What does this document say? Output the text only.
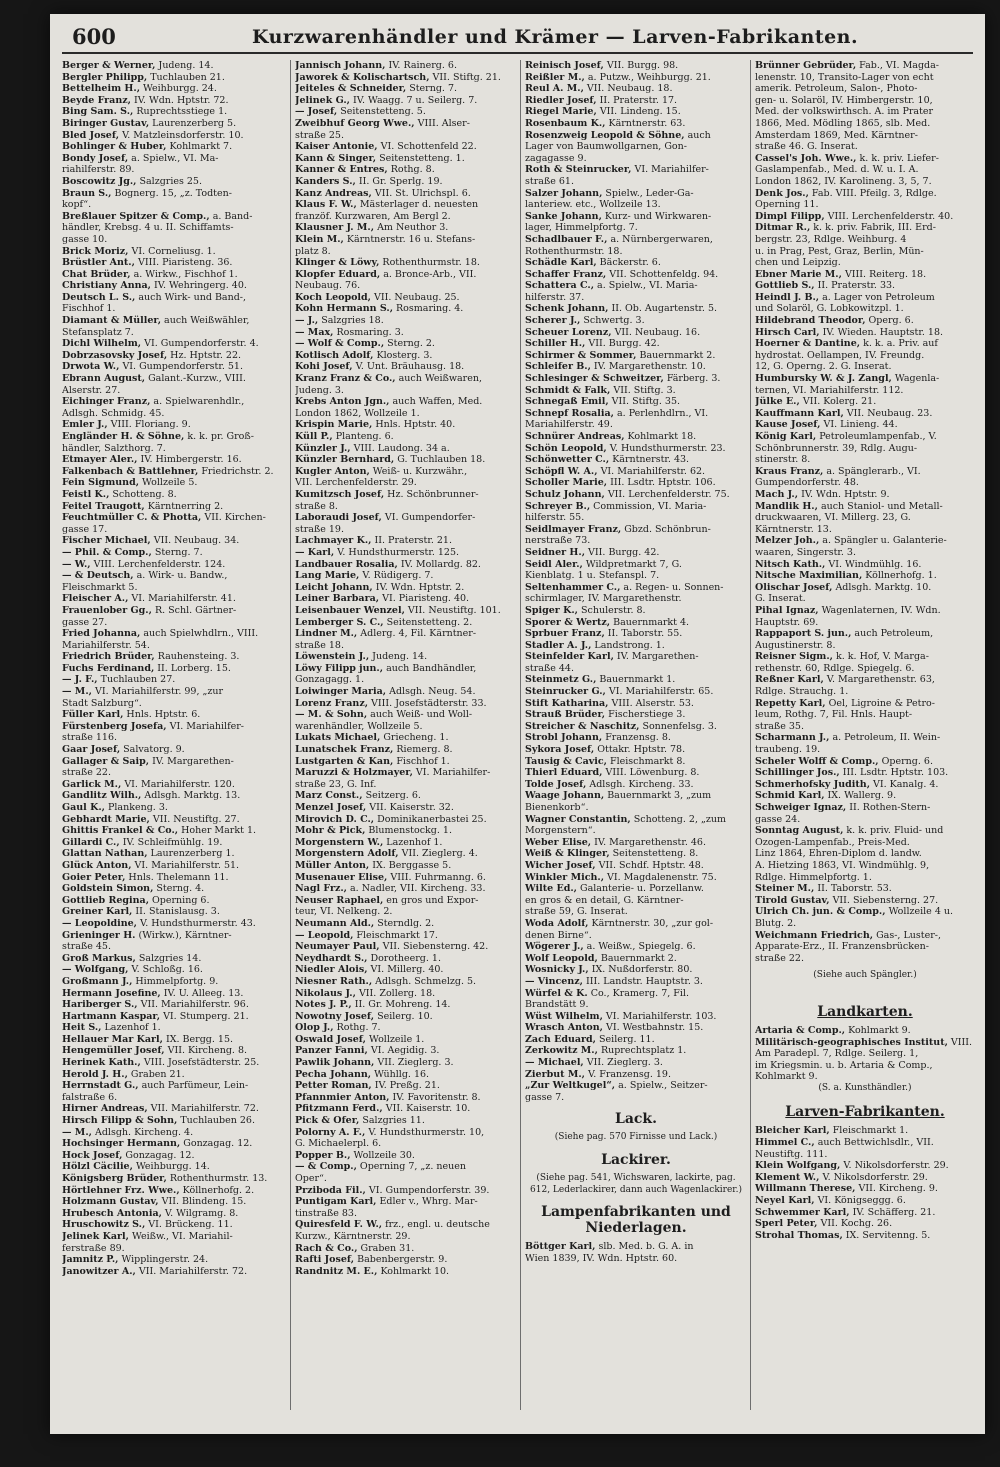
600	Kurzwarenhändler und Krämer — Larven-Fabrikanten.
Berger & Werner, Judeng. 14.
Bergler Philipp, Tuchlauben 21.
Bettelheim H., Weihburgg. 24.
Beyde Franz, IV. Wdn. Hptstr. 72.
Bing Sam. S., Ruprechtsstiege 1.
Biringer Gustav, Laurenzerberg 5.
Bled Josef, V. Matzleinsdorferstr. 10.
Bohlinger & Huber, Kohlmarkt 7.
Bondy Josef, a. Spielw., VI. Ma-
riahilferstr. 89.
Boscowitz Jg., Salzgries 25.
Braun S., Bognerg. 15, „z. Todten-
kopf“.
Breßlauer Spitzer & Comp., a. Band-
händler, Krebsg. 4 u. II. Schiffamts-
gasse 10.
Brick Moriz, VI. Corneliusg. 1.
Brüstler Ant., VIII. Piaristeng. 36.
Chat Brüder, a. Wirkw., Fischhof 1.
Christiany Anna, IV. Wehringerg. 40.
Deutsch L. S., auch Wirk- und Band-,
Fischhof 1.
Diamant & Müller, auch Weißwähler,
Stefansplatz 7.
Dichl Wilhelm, VI. Gumpendorferstr. 4.
Dobrzasovsky Josef, Hz. Hptstr. 22.
Drwota W., VI. Gumpendorferstr. 51.
Ebrann August, Galant.-Kurzw., VIII.
Alserstr. 27.
Eichinger Franz, a. Spielwarenhdlr.,
Adlsgh. Schmidg. 45.
Emler J., VIII. Floriang. 9.
Engländer H. & Söhne, k. k. pr. Groß-
händler, Salzthorg. 7.
Etmayer Aler., IV. Himbergerstr. 16.
Falkenbach & Battlehner, Friedrichstr. 2.
Fein Sigmund, Wollzeile 5.
Feistl K., Schotteng. 8.
Feitel Traugott, Kärntnerring 2.
Feuchtmüller C. & Photta, VII. Kirchen-
gasse 17.
Fischer Michael, VII. Neubaug. 34.
— Phil. & Comp., Sterng. 7.
— W., VIII. Lerchenfelderstr. 124.
— & Deutsch, a. Wirk- u. Bandw.,
Fleischmarkt 5.
Fleischer A., VI. Mariahilferstr. 41.
Frauenlober Gg., R. Schl. Gärtner-
gasse 27.
Fried Johanna, auch Spielwhdlrn., VIII.
Mariahilferstr. 54.
Friedrich Brüder, Rauhensteing. 3.
Fuchs Ferdinand, II. Lorberg. 15.
— J. F., Tuchlauben 27.
— M., VI. Mariahilferstr. 99, „zur
Stadt Salzburg“.
Füller Karl, Hnls. Hptstr. 6.
Fürstenberg Josefa, VI. Mariahilfer-
straße 116.
Gaar Josef, Salvatorg. 9.
Gallager & Saip, IV. Margarethen-
straße 22.
Garlick M., VI. Mariahilferstr. 120.
Gandlitz Wilh., Adlsgh. Marktg. 13.
Gaul K., Plankeng. 3.
Gebhardt Marie, VII. Neustiftg. 27.
Ghittis Frankel & Co., Hoher Markt 1.
Gillardi C., IV. Schleifmühlg. 19.
Glattan Nathan, Laurenzerberg 1.
Glück Anton, VI. Mariahilferstr. 51.
Goier Peter, Hnls. Thelemann 11.
Goldstein Simon, Sterng. 4.
Gottlieb Regina, Operning 6.
Greiner Karl, II. Stanislausg. 3.
— Leopoldine, V. Hundsthurmerstr. 43.
Grieninger H. (Wirkw.), Kärntner-
straße 45.
Groß Markus, Salzgries 14.
— Wolfgang, V. Schloßg. 16.
Großmann J., Himmelpfortg. 9.
Hermann Josefine, IV. U. Alleeg. 13.
Hariberger S., VII. Mariahilferstr. 96.
Hartmann Kaspar, VI. Stumperg. 21.
Heit S., Lazenhof 1.
Hellauer Mar Karl, IX. Bergg. 15.
Hengemüller Josef, VII. Kircheng. 8.
Herinek Kath., VIII. Josefstädterstr. 25.
Herold J. H., Graben 21.
Herrnstadt G., auch Parfümeur, Lein-
falstraße 6.
Hirner Andreas, VII. Mariahilferstr. 72.
Hirsch Filipp & Sohn, Tuchlauben 26.
— M., Adlsgh. Kircheng. 4.
Hochsinger Hermann, Gonzagag. 12.
Hock Josef, Gonzagag. 12.
Hölzl Cäcilie, Weihburgg. 14.
Königsberg Brüder, Rothenthurmstr. 13.
Hörtlehner Frz. Wwe., Köllnerhofg. 2.
Holzmann Gustav, VII. Blindeng. 15.
Hrubesch Antonia, V. Wilgramg. 8.
Hruschowitz S., VI. Brückeng. 11.
Jelinek Karl, Weißw., VI. Mariahil-
ferstraße 89.
Jamnitz P., Wipplingerstr. 24.
Janowitzer A., VII. Mariahilferstr. 72.
Jannisch Johann, IV. Rainerg. 6.
Jaworek & Kolischartsch, VII. Stiftg. 21.
Jeiteles & Schneider, Sterng. 7.
Jelinek G., IV. Waagg. 7 u. Seilerg. 7.
— Josef, Seitenstetteng. 5.
Zweibhuf Georg Wwe., VIII. Alser-
straße 25.
Kaiser Antonie, VI. Schottenfeld 22.
Kann & Singer, Seitenstetteng. 1.
Kanner & Entres, Rothg. 8.
Kanders S., II. Gr. Sperlg. 19.
Kanz Andreas, VII. St. Ulrichspl. 6.
Klaus F. W., Mästerlager d. neuesten
franzöf. Kurzwaren, Am Bergl 2.
Klausner J. M., Am Neuthor 3.
Klein M., Kärntnerstr. 16 u. Stefans-
platz 8.
Klinger & Löwy, Rothenthurmstr. 18.
Klopfer Eduard, a. Bronce-Arb., VII.
Neubaug. 76.
Koch Leopold, VII. Neubaug. 25.
Kohn Hermann S., Rosmaring. 4.
— J., Salzgries 18.
— Max, Rosmaring. 3.
— Wolf & Comp., Sterng. 2.
Kotlisch Adolf, Klosterg. 3.
Kohi Josef, V. Unt. Bräuhausg. 18.
Kranz Franz & Co., auch Weißwaren,
Judeng. 3.
Krebs Anton Jgn., auch Waffen, Med.
London 1862, Wollzeile 1.
Krispin Marie, Hnls. Hptstr. 40.
Küll P., Planteng. 6.
Künzler J., VIII. Laudong. 34 a.
Künzler Bernhard, G. Tuchlauben 18.
Kugler Anton, Weiß- u. Kurzwähr.,
VII. Lerchenfelderstr. 29.
Kumitzsch Josef, Hz. Schönbrunner-
straße 8.
Laboraudi Josef, VI. Gumpendorfer-
straße 19.
Lachmayer K., II. Praterstr. 21.
— Karl, V. Hundsthurmerstr. 125.
Landbauer Rosalia, IV. Mollardg. 82.
Lang Marie, V. Rüdigerg. 7.
Leicht Johann, IV. Wdn. Hptstr. 2.
Leiner Barbara, VI. Piaristeng. 40.
Leisenbauer Wenzel, VII. Neustiftg. 101.
Lemberger S. C., Seitenstetteng. 2.
Lindner M., Adlerg. 4, Fil. Kärntner-
straße 18.
Löwenstein J., Judeng. 14.
Löwy Filipp jun., auch Bandhändler,
Gonzagagg. 1.
Loiwinger Maria, Adlsgh. Neug. 54.
Lorenz Franz, VIII. Josefstädterstr. 33.
— M. & Sohn, auch Weiß- und Woll-
warenhändler, Wollzeile 5.
Lukats Michael, Griecheng. 1.
Lunatschek Franz, Riemerg. 8.
Lustgarten & Kan, Fischhof 1.
Maruzzi & Holzmayer, VI. Mariahilfer-
straße 23, G. Inf.
Marz Const., Seitzerg. 6.
Menzel Josef, VII. Kaiserstr. 32.
Mirovich D. C., Dominikanerbastei 25.
Mohr & Pick, Blumenstockg. 1.
Morgenstern W., Lazenhof 1.
Morgenstern Adolf, VII. Zieglerg. 4.
Müller Anton, IX. Berggasse 5.
Musenauer Elise, VIII. Fuhrmanng. 6.
Nagl Frz., a. Nadler, VII. Kircheng. 33.
Neuser Raphael, en gros und Expor-
teur, VI. Nelkeng. 2.
Neumann Ald., Sterndlg. 2.
— Leopold, Fleischmarkt 17.
Neumayer Paul, VII. Siebensterng. 42.
Neydhardt S., Dorotheerg. 1.
Niedler Alois, VI. Millerg. 40.
Niesner Rath., Adlsgh. Schmelzg. 5.
Nikolaus J., VII. Zollerg. 18.
Notes J. P., II. Gr. Mohreng. 14.
Nowotny Josef, Seilerg. 10.
Olop J., Rothg. 7.
Oswald Josef, Wollzeile 1.
Panzer Fanni, VI. Aegidig. 3.
Pawlik Johann, VII. Zieglerg. 3.
Pecha Johann, Wühllg. 16.
Petter Roman, IV. Preßg. 21.
Pfannmier Anton, IV. Favoritenstr. 8.
Pfitzmann Ferd., VII. Kaiserstr. 10.
Pick & Ofer, Salzgries 11.
Polorny A. F., V. Hundsthurmerstr. 10,
G. Michaelerpl. 6.
Popper B., Wollzeile 30.
— & Comp., Operning 7, „z. neuen
Oper“.
Prziboda Fil., VI. Gumpendorferstr. 39.
Puntigam Karl, Edler v., Whrg. Mar-
tinstraße 83.
Quiresfeld F. W., frz., engl. u. deutsche
Kurzw., Kärntnerstr. 29.
Rach & Co., Graben 31.
Rafti Josef, Babenbergerstr. 9.
Randnitz M. E., Kohlmarkt 10.
Reinisch Josef, VII. Burgg. 98.
Reißler M., a. Putzw., Weihburgg. 21.
Reul A. M., VII. Neubaug. 18.
Riedler Josef, II. Praterstr. 17.
Riegel Marie, VII. Lindeng. 15.
Rosenbaum K., Kärntnerstr. 63.
Rosenzweig Leopold & Söhne, auch
Lager von Baumwollgarnen, Gon-
zagagasse 9.
Roth & Steinrucker, VI. Mariahilfer-
straße 61.
Salzer Johann, Spielw., Leder-Ga-
lanteriew. etc., Wollzeile 13.
Sanke Johann, Kurz- und Wirkwaren-
lager, Himmelpfortg. 7.
Schadlbauer F., a. Nürnbergerwaren,
Rothenthurmstr. 18.
Schädle Karl, Bäckerstr. 6.
Schaffer Franz, VII. Schottenfeldg. 94.
Schattera C., a. Spielw., VI. Maria-
hilferstr. 37.
Schenk Johann, II. Ob. Augartenstr. 5.
Scherer J., Schwertg. 3.
Scheuer Lorenz, VII. Neubaug. 16.
Schiller H., VII. Burgg. 42.
Schirmer & Sommer, Bauernmarkt 2.
Schleifer B., IV. Margarethenstr. 10.
Schlesinger & Schweitzer, Färberg. 3.
Schmidt & Falk, VII. Stiftg. 3.
Schnegaß Emil, VII. Stiftg. 35.
Schnepf Rosalia, a. Perlenhdlrn., VI.
Mariahilferstr. 49.
Schnürer Andreas, Kohlmarkt 18.
Schön Leopold, V. Hundsthurmerstr. 23.
Schönwetter C., Kärntnerstr. 43.
Schöpfl W. A., VI. Mariahilferstr. 62.
Scholler Marie, III. Lsdtr. Hptstr. 106.
Schulz Johann, VII. Lerchenfelderstr. 75.
Schreyer B., Commission, VI. Maria-
hilferstr. 55.
Seidlmayer Franz, Gbzd. Schönbrun-
nerstraße 73.
Seidner H., VII. Burgg. 42.
Seidl Aler., Wildpretmarkt 7, G.
Kienblatg. 1 u. Stefanspl. 7.
Seltenhammer C., a. Regen- u. Sonnen-
schirmlager, IV. Margarethenstr.
Spiger K., Schulerstr. 8.
Sporer & Wertz, Bauernmarkt 4.
Sprbuer Franz, II. Taborstr. 55.
Stadler A. J., Landstrong. 1.
Steinfelder Karl, IV. Margarethen-
straße 44.
Steinmetz G., Bauernmarkt 1.
Steinrucker G., VI. Mariahilferstr. 65.
Stift Katharina, VIII. Alserstr. 53.
Strauß Brüder, Fischerstiege 3.
Streicher & Naschitz, Sonnenfelsg. 3.
Strobl Johann, Franzensg. 8.
Sykora Josef, Ottakr. Hptstr. 78.
Tausig & Cavic, Fleischmarkt 8.
Thierl Eduard, VIII. Löwenburg. 8.
Tolde Josef, Adlsgh. Kircheng. 33.
Waage Johann, Bauernmarkt 3, „zum
Bienenkorb“.
Wagner Constantin, Schotteng. 2, „zum
Morgenstern“.
Weber Elise, IV. Margarethenstr. 46.
Weiß & Klinger, Seitenstetteng. 8.
Wicher Josef, VII. Schdf. Hptstr. 48.
Winkler Mich., VI. Magdalenenstr. 75.
Wilte Ed., Galanterie- u. Porzellanw.
en gros & en detail, G. Kärntner-
straße 59, G. Inserat.
Woda Adolf, Kärntnerstr. 30, „zur gol-
denen Birne“.
Wögerer J., a. Weißw., Spiegelg. 6.
Wolf Leopold, Bauernmarkt 2.
Wosnicky J., IX. Nußdorferstr. 80.
— Vincenz, III. Landstr. Hauptstr. 3.
Würfel & K. Co., Kramerg. 7, Fil.
Brandstätt 9.
Wüst Wilhelm, VI. Mariahilferstr. 103.
Wrasch Anton, VI. Westbahnstr. 15.
Zach Eduard, Seilerg. 11.
Zerkowitz M., Ruprechtsplatz 1.
— Michael, VII. Zieglerg. 3.
Zierbut M., V. Franzensg. 19.
„Zur Weltkugel“, a. Spielw., Seitzer-
gasse 7.
Lack.
(Siehe pag. 570 Firnisse und Lack.)
Lackirer.
(Siehe pag. 541, Wichswaren, lackirte, pag. 612, Lederlackirer, dann auch Wagenlackirer.)
Lampenfabrikanten und
Niederlagen.
Böttger Karl, slb. Med. b. G. A. in
Wien 1839, IV. Wdn. Hptstr. 60.
Brünner Gebrüder, Fab., VI. Magda-
lenenstr. 10, Transito-Lager von echt
amerik. Petroleum, Salon-, Photo-
gen- u. Solaröl, IV. Himbergerstr. 10,
Med. der volkswirthsch. A. im Prater
1866, Med. Mödling 1865, slb. Med.
Amsterdam 1869, Med. Kärntner-
straße 46. G. Inserat.
Cassel's Joh. Wwe., k. k. priv. Liefer-
Gaslampenfab., Med. d. W. u. I. A.
London 1862, IV. Karolineng. 3, 5, 7.
Denk Jos., Fab. VIII. Pfeilg. 3, Rdlge.
Operning 11.
Dimpl Filipp, VIII. Lerchenfelderstr. 40.
Ditmar R., k. k. priv. Fabrik, III. Erd-
bergstr. 23, Rdlge. Weihburg. 4
u. in Prag, Pest, Graz, Berlin, Mün-
chen und Leipzig.
Ebner Marie M., VIII. Reiterg. 18.
Gottlieb S., II. Praterstr. 33.
Heindl J. B., a. Lager von Petroleum
und Solaröl, G. Lobkowitzpl. 1.
Hildebrand Theodor, Operg. 6.
Hirsch Carl, IV. Wieden. Hauptstr. 18.
Hoerner & Dantine, k. k. a. Priv. auf
hydrostat. Oellampen, IV. Freundg.
12, G. Operng. 2. G. Inserat.
Humbursky W. & J. Zangl, Wagenla-
ternen, VI. Mariahilferstr. 112.
Jülke E., VII. Kolerg. 21.
Kauffmann Karl, VII. Neubaug. 23.
Kause Josef, VI. Linieng. 44.
König Karl, Petroleumlampenfab., V.
Schönbrunnerstr. 39, Rdlg. Augu-
stinerstr. 8.
Kraus Franz, a. Spänglerarb., VI.
Gumpendorferstr. 48.
Mach J., IV. Wdn. Hptstr. 9.
Mandlik H., auch Staniol- und Metall-
druckwaaren, VI. Millerg. 23, G.
Kärntnerstr. 13.
Melzer Joh., a. Spängler u. Galanterie-
waaren, Singerstr. 3.
Nitsch Kath., VI. Windmühlg. 16.
Nitsche Maximilian, Köllnerhofg. 1.
Olischar Josef, Adlsgh. Marktg. 10.
G. Inserat.
Pihal Ignaz, Wagenlaternen, IV. Wdn.
Hauptstr. 69.
Rappaport S. jun., auch Petroleum,
Augustinerstr. 8.
Reisner Sigm., k. k. Hof, V. Marga-
rethenstr. 60, Rdlge. Spiegelg. 6.
Reßner Karl, V. Margarethenstr. 63,
Rdlge. Strauchg. 1.
Repetty Karl, Oel, Ligroine & Petro-
leum, Rothg. 7, Fil. Hnls. Haupt-
straße 35.
Scharmann J., a. Petroleum, II. Wein-
traubeng. 19.
Scheler Wolff & Comp., Operng. 6.
Schillinger Jos., III. Lsdtr. Hptstr. 103.
Schmerhofsky Judith, VI. Kanalg. 4.
Schmid Karl, IX. Wallerg. 9.
Schweiger Ignaz, II. Rothen-Stern-
gasse 24.
Sonntag August, k. k. priv. Fluid- und
Ozogen-Lampenfab., Preis-Med.
Linz 1864, Ehren-Diplom d. landw.
A. Hietzing 1863, VI. Windmühlg. 9,
Rdlge. Himmelpfortg. 1.
Steiner M., II. Taborstr. 53.
Tirold Gustav, VII. Siebensterng. 27.
Ulrich Ch. jun. & Comp., Wollzeile 4 u.
Blutg. 2.
Weichmann Friedrich, Gas-, Luster-,
Apparate-Erz., II. Franzensbrücken-
straße 22.
(Siehe auch Spängler.)
Landkarten.
Artaria & Comp., Kohlmarkt 9.
Militärisch-geographisches Institut, VIII.
Am Paradepl. 7, Rdlge. Seilerg. 1,
im Kriegsmin. u. b. Artaria & Comp.,
Kohlmarkt 9.
(S. a. Kunsthändler.)
Larven-Fabrikanten.
Bleicher Karl, Fleischmarkt 1.
Himmel C., auch Bettwichlsdlr., VII.
Neustiftg. 111.
Klein Wolfgang, V. Nikolsdorferstr. 29.
Klement W., V. Nikolsdorferstr. 29.
Willmann Therese, VII. Kircheng. 9.
Neyel Karl, VI. Königseggg. 6.
Schwemmer Karl, IV. Schäfferg. 21.
Sperl Peter, VII. Kochg. 26.
Strohal Thomas, IX. Servitenng. 5.
